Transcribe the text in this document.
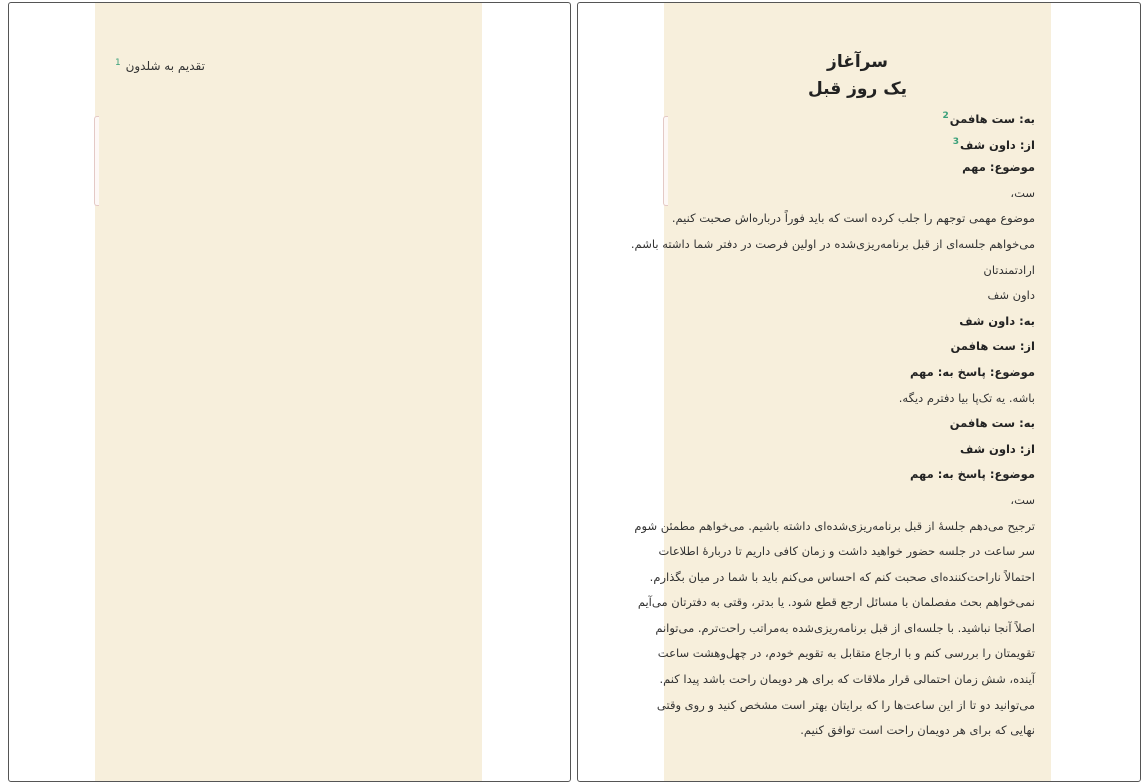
تقدیم به شلدون $^1$	سرآغاز
یک روز قبل
به: ست هافمن$^2$
از: داون شف$^3$
موضوع: مهم
ست،
موضوع مهمی توجهم را جلب کرده است که باید فوراً درباره‌اش صحبت کنیم.
می‌خواهم جلسه‌ای از قبل برنامه‌ریزی‌شده در اولین فرصت در دفتر شما داشته باشم.
ارادتمندتان
داون شف
به: داون شف
از: ست هافمن
موضوع: پاسخ به: مهم
باشه. یه تک‌پا بیا دفترم دیگه.
به: ست هافمن
از: داون شف
موضوع: پاسخ به: مهم
ست،
ترجیح می‌دهم جلسهٔ از قبل برنامه‌ریزی‌شده‌ای داشته باشیم. می‌خواهم مطمئن شوم
سر ساعت در جلسه حضور خواهید داشت و زمان کافی داریم تا دربارهٔ اطلاعات
احتمالاً ناراحت‌کننده‌ای صحبت کنم که احساس می‌کنم باید با شما در میان بگذارم.
نمی‌خواهم بحث مفصلمان با مسائل ارجع قطع شود. یا بدتر، وقتی به دفترتان می‌آیم
اصلاً آنجا نباشید. با جلسه‌ای از قبل برنامه‌ریزی‌شده به‌مراتب راحت‌ترم. می‌توانم
تقویمتان را بررسی کنم و با ارجاع متقابل به تقویم خودم، در چهل‌وهشت ساعت
آینده، شش زمان احتمالی قرار ملاقات که برای هر دویمان راحت باشد پیدا کنم.
می‌توانید دو تا از این ساعت‌ها را که برایتان بهتر است مشخص کنید و روی وقتی
نهایی که برای هر دویمان راحت است توافق کنیم.
